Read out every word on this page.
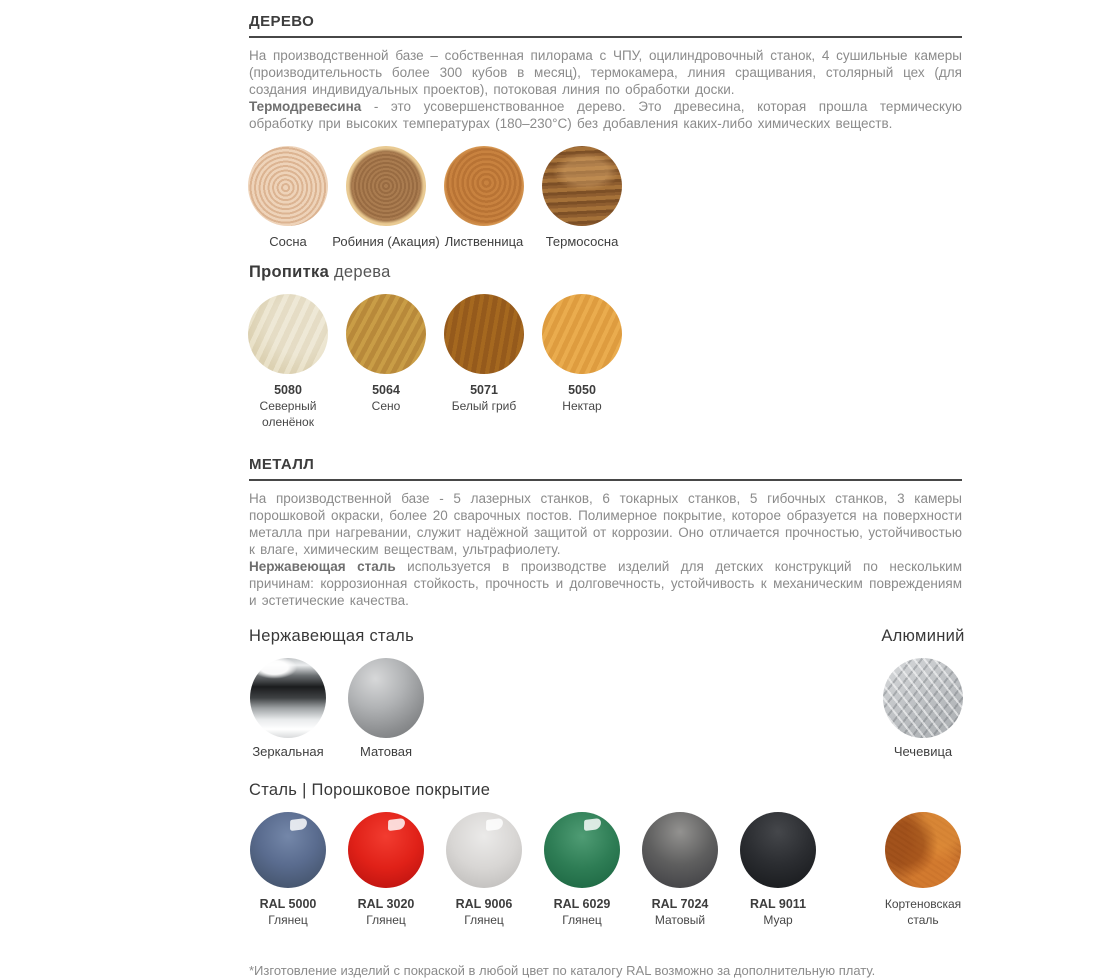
ДЕРЕВО
На производственной базе – собственная пилорама с ЧПУ, оцилиндровочный станок, 4 сушильные камеры (производительность более 300 кубов в месяц), термокамера, линия сращивания, столярный цех (для создания индивидуальных проектов), потоковая линия по обработки доски.
Термодревесина - это усовершенствованное дерево. Это древесина, которая прошла термическую обработку при высоких температурах (180–230°С) без добавления каких-либо химических веществ.
Сосна Робиния (Акация) Лиственница Термососна
Пропитка дерева
5080
Северный оленёнок
5064
Сено
5071
Белый гриб
5050
Нектар
МЕТАЛЛ
На производственной базе - 5 лазерных станков, 6 токарных станков, 5 гибочных станков, 3 камеры порошковой окраски, более 20 сварочных постов. Полимерное покрытие, которое образуется на поверхности металла при нагревании, служит надёжной защитой от коррозии. Оно отличается прочностью, устойчивостью к влаге, химическим веществам, ультрафиолету.
Нержавеющая сталь используется в производстве изделий для детских конструкций по нескольким причинам: коррозионная стойкость, прочность и долговечность, устойчивость к механическим повреждениям и эстетические качества.
Нержавеющая сталь	Алюминий
Зеркальная	Матовая	Чечевица
Сталь | Порошковое покрытие
RAL 5000
Глянец
RAL 3020
Глянец
RAL 9006
Глянец
RAL 6029
Глянец
RAL 7024
Матовый
RAL 9011
Муар
Кортеновская сталь
*Изготовление изделий с покраской в любой цвет по каталогу RAL возможно за дополнительную плату.
